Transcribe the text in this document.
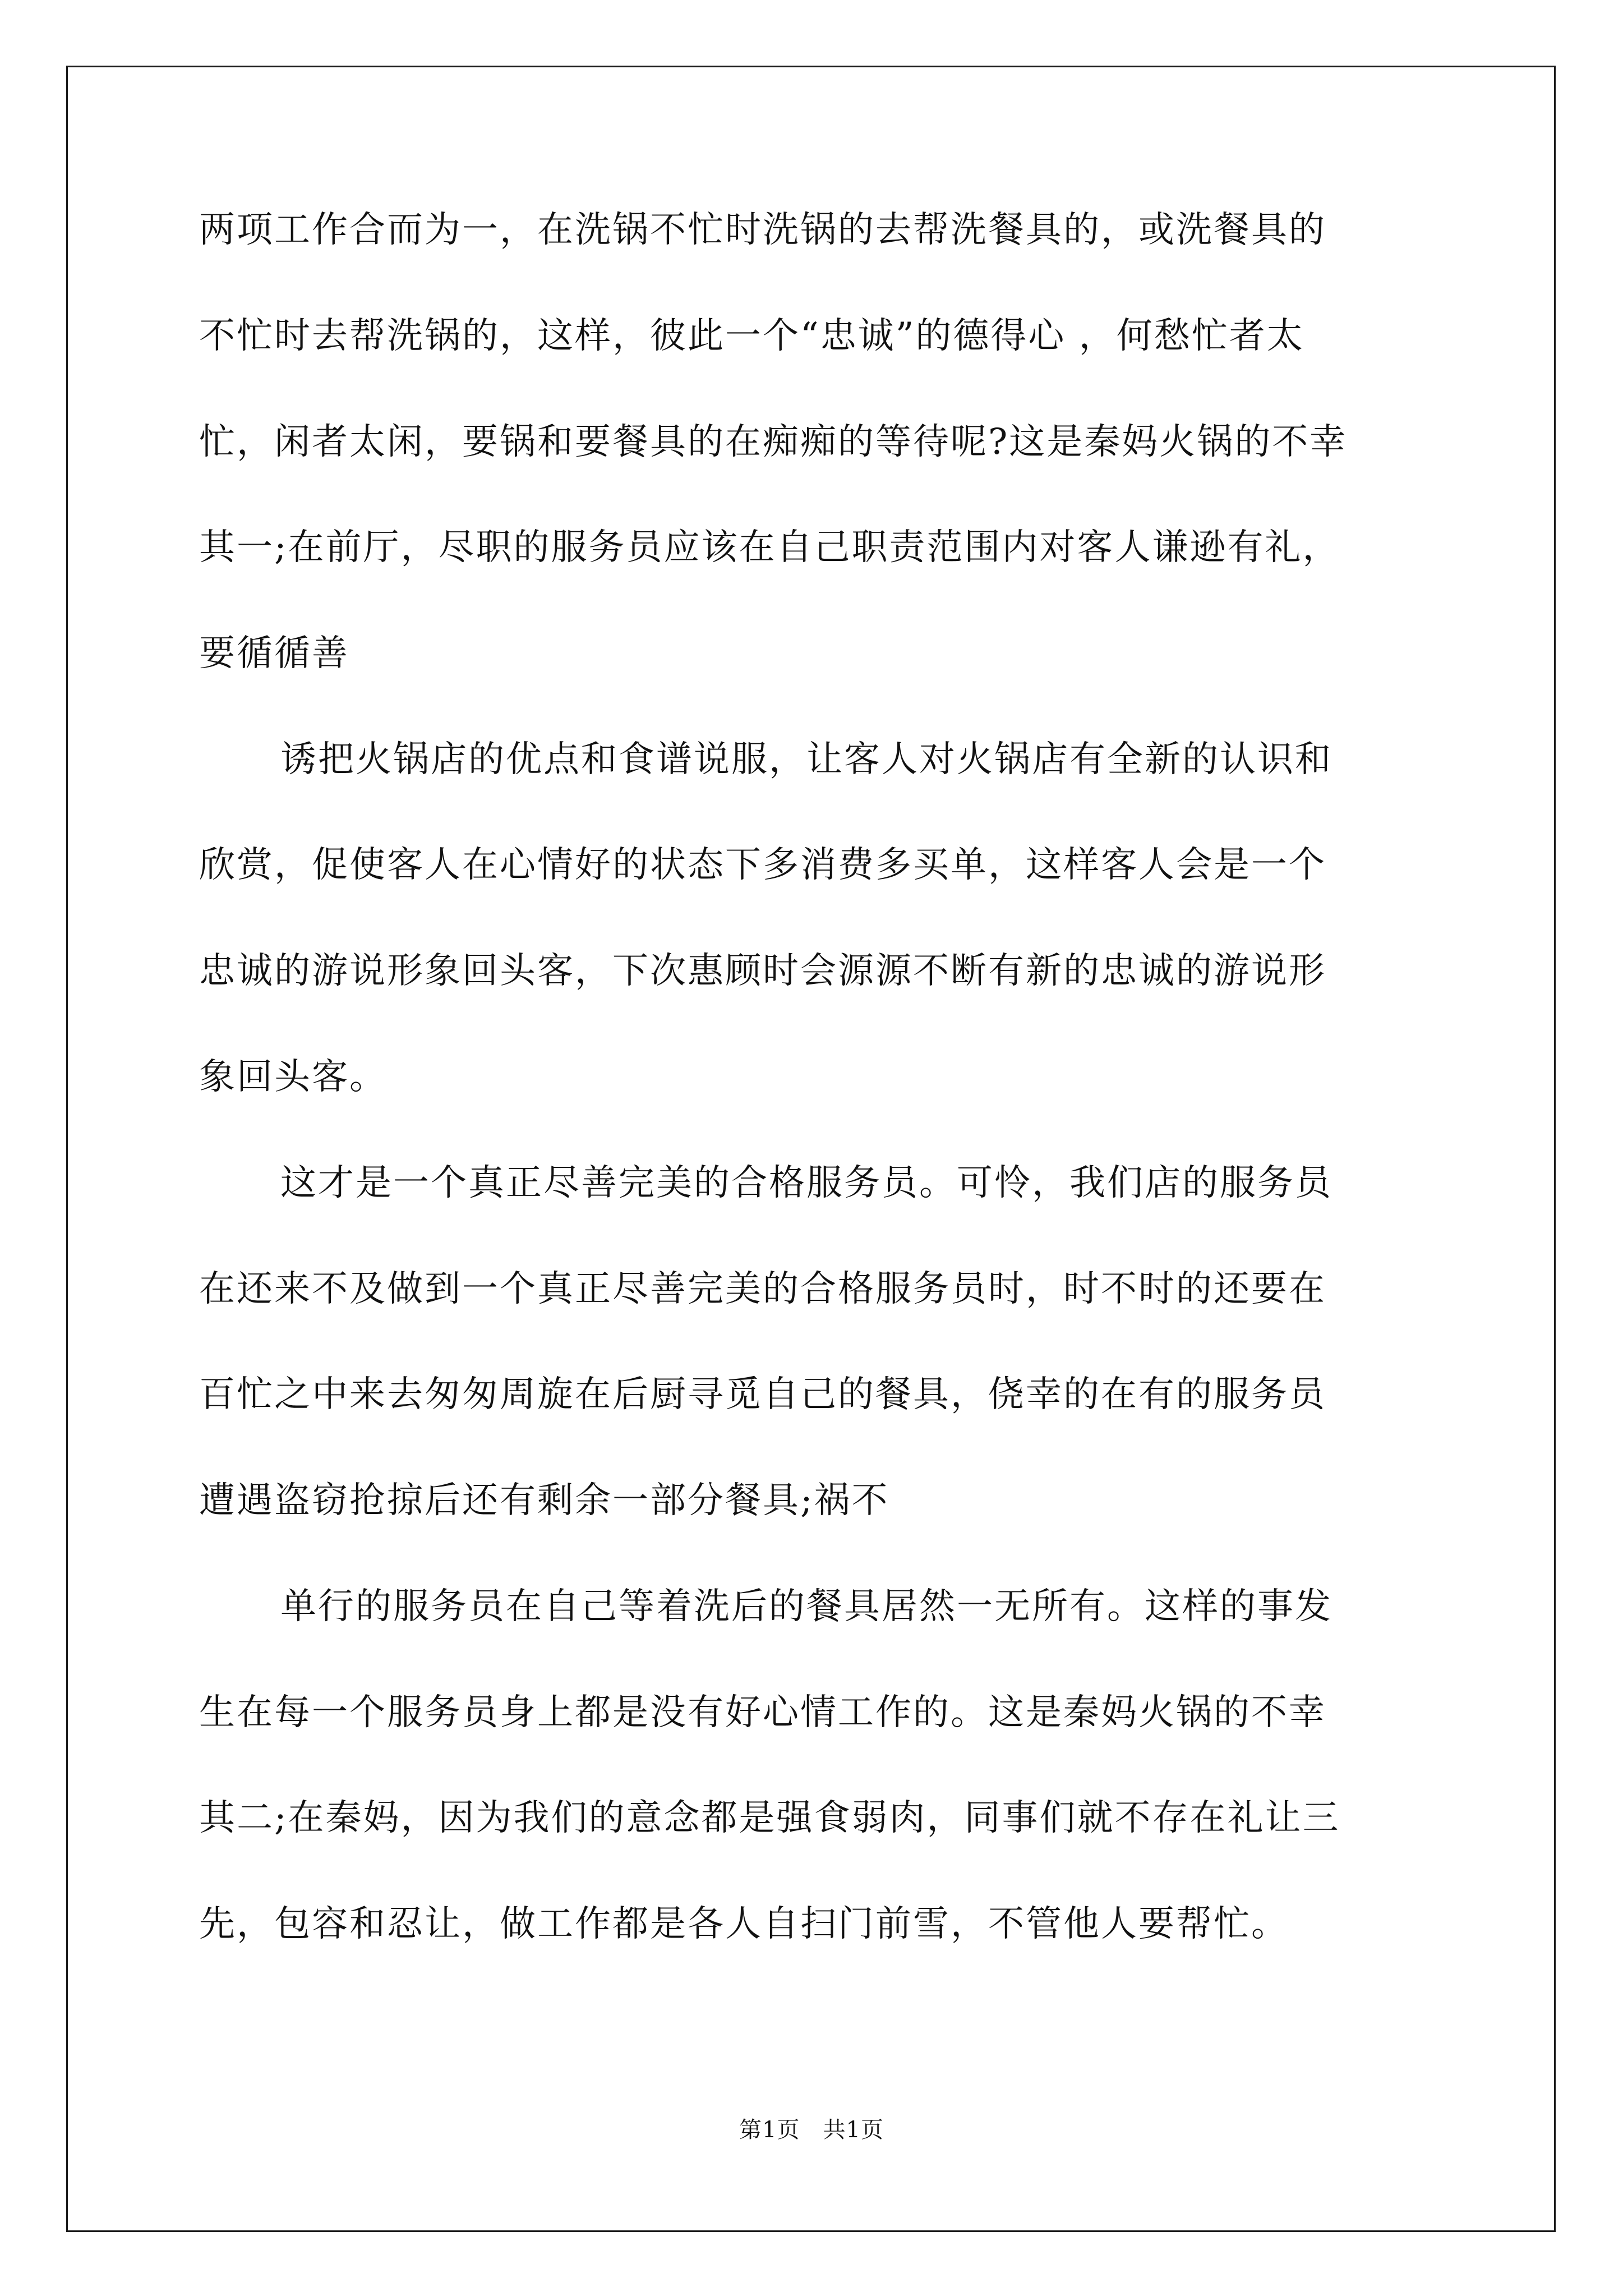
两项工作合而为一，在洗锅不忙时洗锅的去帮洗餐具的，或洗餐具的
不忙时去帮洗锅的，这样，彼此一个“忠诚”的德得心 ，何愁忙者太
忙，闲者太闲，要锅和要餐具的在痴痴的等待呢?这是秦妈火锅的不幸
其一;在前厅，尽职的服务员应该在自己职责范围内对客人谦逊有礼，
要循循善
诱把火锅店的优点和食谱说服，让客人对火锅店有全新的认识和
欣赏，促使客人在心情好的状态下多消费多买单，这样客人会是一个
忠诚的游说形象回头客，下次惠顾时会源源不断有新的忠诚的游说形
象回头客。
这才是一个真正尽善完美的合格服务员。可怜，我们店的服务员
在还来不及做到一个真正尽善完美的合格服务员时，时不时的还要在
百忙之中来去匆匆周旋在后厨寻觅自己的餐具，侥幸的在有的服务员
遭遇盗窃抢掠后还有剩余一部分餐具;祸不
单行的服务员在自己等着洗后的餐具居然一无所有。这样的事发
生在每一个服务员身上都是没有好心情工作的。这是秦妈火锅的不幸
其二;在秦妈，因为我们的意念都是强食弱肉，同事们就不存在礼让三
先，包容和忍让，做工作都是各人自扫门前雪，不管他人要帮忙。
第1页　共1页
